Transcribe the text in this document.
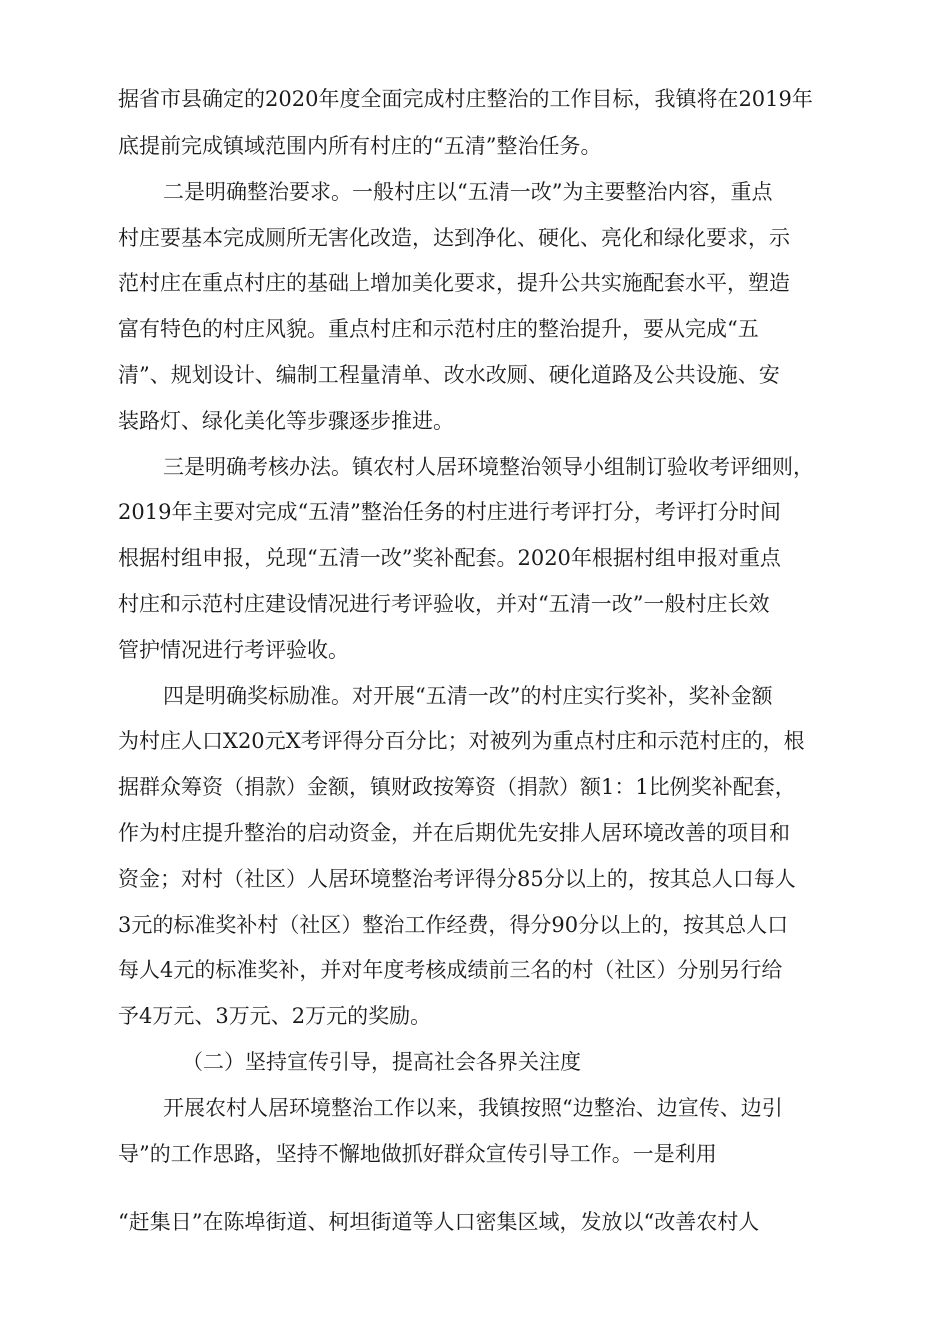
据省市县确定的2020年度全面完成村庄整治的工作目标，我镇将在2019年
底提前完成镇域范围内所有村庄的“五清”整治任务。
二是明确整治要求。一般村庄以“五清一改”为主要整治内容，重点
村庄要基本完成厕所无害化改造，达到净化、硬化、亮化和绿化要求，示
范村庄在重点村庄的基础上增加美化要求，提升公共实施配套水平，塑造
富有特色的村庄风貌。重点村庄和示范村庄的整治提升，要从完成“五
清”、规划设计、编制工程量清单、改水改厕、硬化道路及公共设施、安
装路灯、绿化美化等步骤逐步推进。
三是明确考核办法。镇农村人居环境整治领导小组制订验收考评细则，
2019年主要对完成“五清”整治任务的村庄进行考评打分，考评打分时间
根据村组申报，兑现“五清一改”奖补配套。2020年根据村组申报对重点
村庄和示范村庄建设情况进行考评验收，并对“五清一改”一般村庄长效
管护情况进行考评验收。
四是明确奖标励准。对开展“五清一改”的村庄实行奖补，奖补金额
为村庄人口X20元X考评得分百分比；对被列为重点村庄和示范村庄的，根
据群众筹资（捐款）金额，镇财政按筹资（捐款）额1：1比例奖补配套，
作为村庄提升整治的启动资金，并在后期优先安排人居环境改善的项目和
资金；对村（社区）人居环境整治考评得分85分以上的，按其总人口每人
3元的标准奖补村（社区）整治工作经费，得分90分以上的，按其总人口
每人4元的标准奖补，并对年度考核成绩前三名的村（社区）分别另行给
予4万元、3万元、2万元的奖励。
（二）坚持宣传引导，提高社会各界关注度
开展农村人居环境整治工作以来，我镇按照“边整治、边宣传、边引
导”的工作思路，坚持不懈地做抓好群众宣传引导工作。一是利用
“赶集日”在陈埠街道、柯坦街道等人口密集区域，发放以“改善农村人
